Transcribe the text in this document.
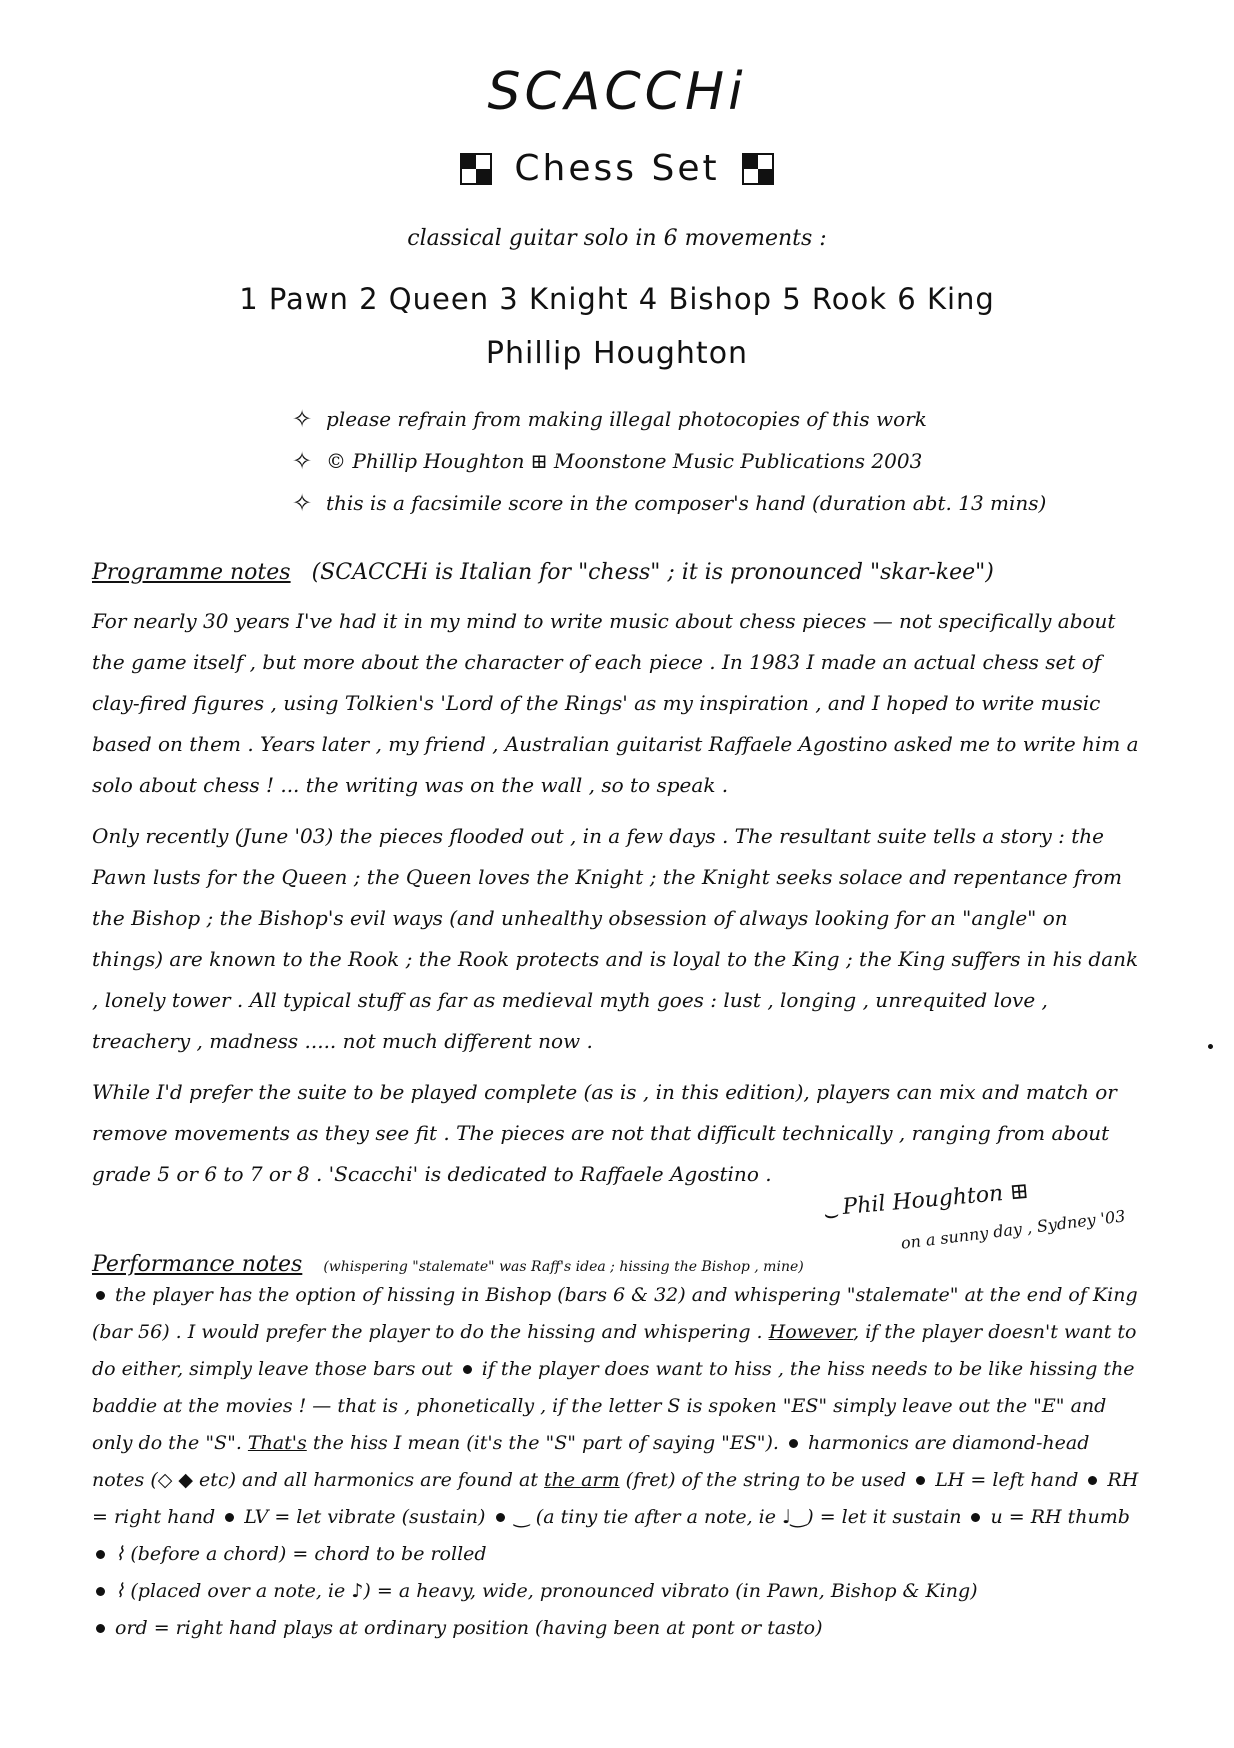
SCACCHi
Chess Set
classical guitar solo in 6 movements :
1 Pawn 2 Queen 3 Knight 4 Bishop 5 Rook 6 King
Phillip Houghton
✧ please refrain from making illegal photocopies of this work
✧ © Phillip Houghton ⊞ Moonstone Music Publications 2003
✧ this is a facsimile score in the composer's hand (duration abt. 13 mins)
Programme notes (SCACCHi is Italian for "chess" ; it is pronounced "skar-kee")

For nearly 30 years I've had it in my mind to write music about chess pieces — not specifically about the game itself , but more about the character of each piece . In 1983 I made an actual chess set of clay-fired figures , using Tolkien's 'Lord of the Rings' as my inspiration , and I hoped to write music based on them . Years later , my friend , Australian guitarist Raffaele Agostino asked me to write him a solo about chess ! ... the writing was on the wall , so to speak .

Only recently (June '03) the pieces flooded out , in a few days . The resultant suite tells a story : the Pawn lusts for the Queen ; the Queen loves the Knight ; the Knight seeks solace and repentance from the Bishop ; the Bishop's evil ways (and unhealthy obsession of always looking for an "angle" on things) are known to the Rook ; the Rook protects and is loyal to the King ; the King suffers in his dank , lonely tower . All typical stuff as far as medieval myth goes : lust , longing , unrequited love , treachery , madness ..... not much different now .

While I'd prefer the suite to be played complete (as is , in this edition), players can mix and match or remove movements as they see fit . The pieces are not that difficult technically , ranging from about grade 5 or 6 to 7 or 8 . 'Scacchi' is dedicated to Raffaele Agostino .

⌣ Phil Houghton ⊞
on a sunny day , Sydney '03
Performance notes (whispering "stalemate" was Raff's idea ; hissing the Bishop , mine)

the player has the option of hissing in Bishop (bars 6 & 32) and whispering "stalemate" at the end of King (bar 56) . I would prefer the player to do the hissing and whispering . However, if the player doesn't want to do either, simply leave those bars out if the player does want to hiss , the hiss needs to be like hissing the baddie at the movies ! — that is , phonetically , if the letter S is spoken "ES" simply leave out the "E" and only do the "S". That's the hiss I mean (it's the "S" part of saying "ES"). harmonics are diamond-head notes (◇ ◆ etc) and all harmonics are found at the arm (fret) of the string to be used LH = left hand RH = right hand LV = let vibrate (sustain) ‿ (a tiny tie after a note, ie ♩‿) = let it sustain u = RH thumb ⌇ (before a chord) = chord to be rolled
⌇ (placed over a note, ie ♪) = a heavy, wide, pronounced vibrato (in Pawn, Bishop & King)
ord = right hand plays at ordinary position (having been at pont or tasto)
